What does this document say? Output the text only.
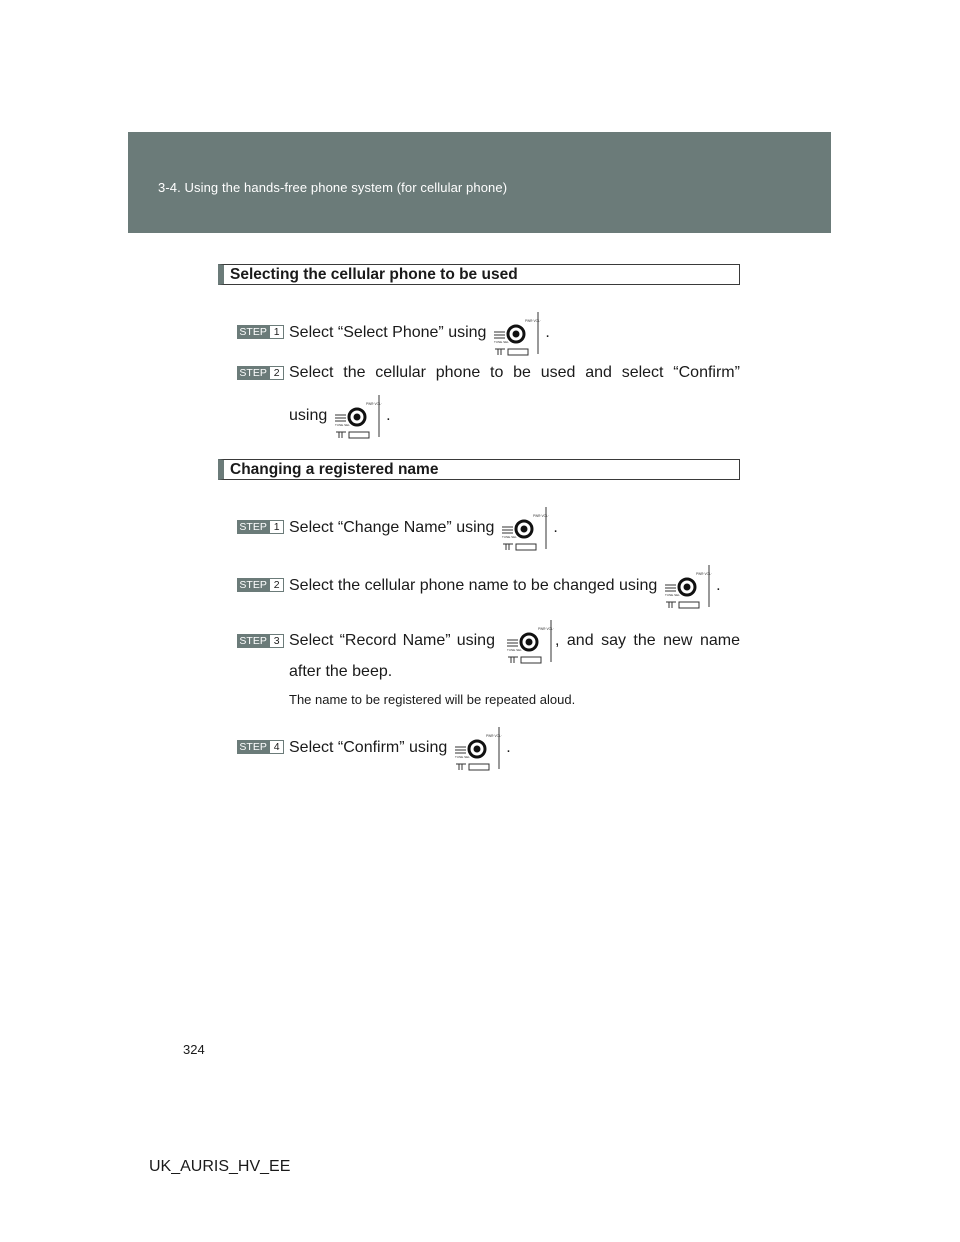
3-4. Using the hands-free phone system (for cellular phone)
Selecting the cellular phone to be used
STEP 1 Select “Select Phone” using	.
STEP 2 Select the cellular phone to be used and select “Confirm”
using	.
Changing a registered name
STEP 1 Select “Change Name” using	.
STEP 2 Select the cellular phone name to be changed using	.
STEP 3 Select “Record Name” using	, and say the new name
after the beep.
The name to be registered will be repeated aloud.
STEP 4 Select “Confirm” using	.
324
UK_AURIS_HV_EE
